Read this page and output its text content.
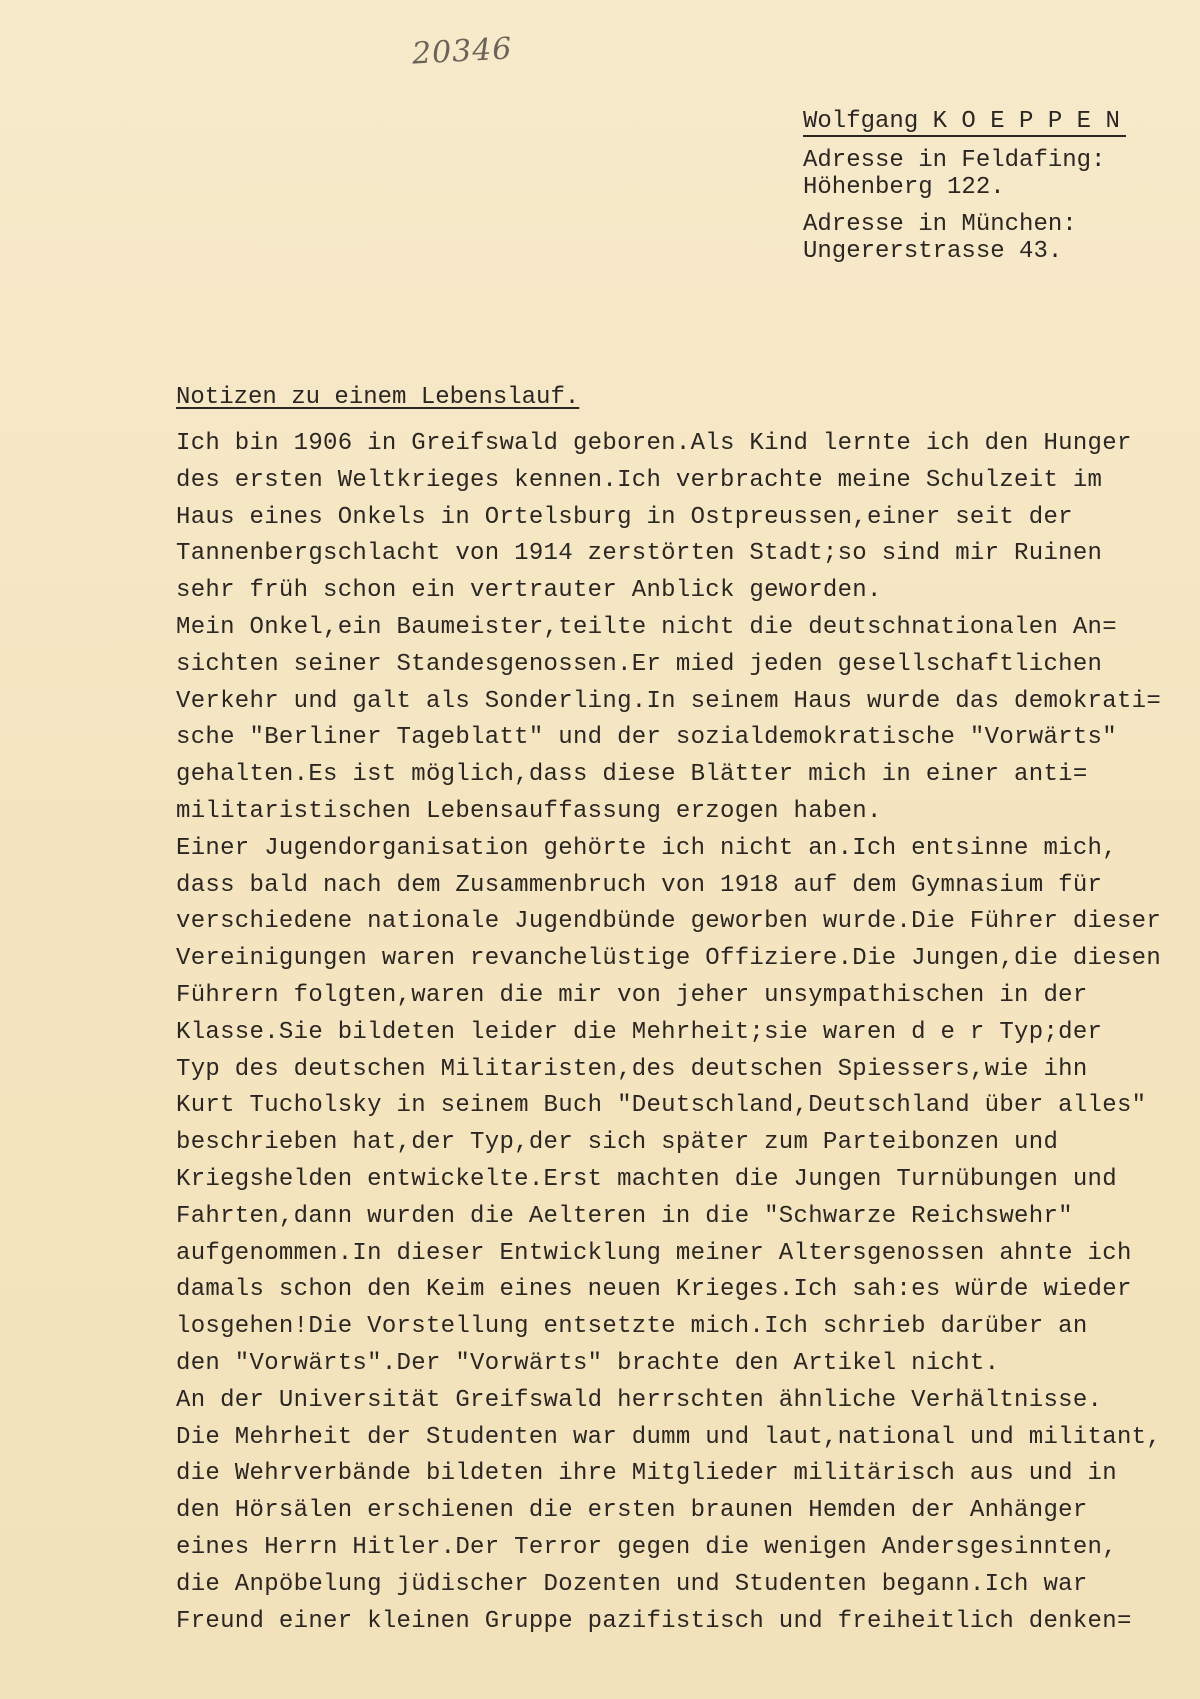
20346
Wolfgang K O E P P E N
Adresse in Feldafing:
Höhenberg 122.
Adresse in München:
Ungererstrasse 43.
Notizen zu einem Lebenslauf.
Ich bin 1906 in Greifswald geboren.Als Kind lernte ich den Hunger
des ersten Weltkrieges kennen.Ich verbrachte meine Schulzeit im
Haus eines Onkels in Ortelsburg in Ostpreussen,einer seit der
Tannenbergschlacht von 1914 zerstörten Stadt;so sind mir Ruinen
sehr früh schon ein vertrauter Anblick geworden.
Mein Onkel,ein Baumeister,teilte nicht die deutschnationalen An=
sichten seiner Standesgenossen.Er mied jeden gesellschaftlichen
Verkehr und galt als Sonderling.In seinem Haus wurde das demokrati=
sche "Berliner Tageblatt" und der sozialdemokratische "Vorwärts"
gehalten.Es ist möglich,dass diese Blätter mich in einer anti=
militaristischen Lebensauffassung erzogen haben.
Einer Jugendorganisation gehörte ich nicht an.Ich entsinne mich,
dass bald nach dem Zusammenbruch von 1918 auf dem Gymnasium für
verschiedene nationale Jugendbünde geworben wurde.Die Führer dieser
Vereinigungen waren revanchelüstige Offiziere.Die Jungen,die diesen
Führern folgten,waren die mir von jeher unsympathischen in der
Klasse.Sie bildeten leider die Mehrheit;sie waren d e r Typ;der
Typ des deutschen Militaristen,des deutschen Spiessers,wie ihn
Kurt Tucholsky in seinem Buch "Deutschland,Deutschland über alles"
beschrieben hat,der Typ,der sich später zum Parteibonzen und
Kriegshelden entwickelte.Erst machten die Jungen Turnübungen und
Fahrten,dann wurden die Aelteren in die "Schwarze Reichswehr"
aufgenommen.In dieser Entwicklung meiner Altersgenossen ahnte ich
damals schon den Keim eines neuen Krieges.Ich sah:es würde wieder
losgehen!Die Vorstellung entsetzte mich.Ich schrieb darüber an
den "Vorwärts".Der "Vorwärts" brachte den Artikel nicht.
An der Universität Greifswald herrschten ähnliche Verhältnisse.
Die Mehrheit der Studenten war dumm und laut,national und militant,
die Wehrverbände bildeten ihre Mitglieder militärisch aus und in
den Hörsälen erschienen die ersten braunen Hemden der Anhänger
eines Herrn Hitler.Der Terror gegen die wenigen Andersgesinnten,
die Anpöbelung jüdischer Dozenten und Studenten begann.Ich war
Freund einer kleinen Gruppe pazifistisch und freiheitlich denken=
